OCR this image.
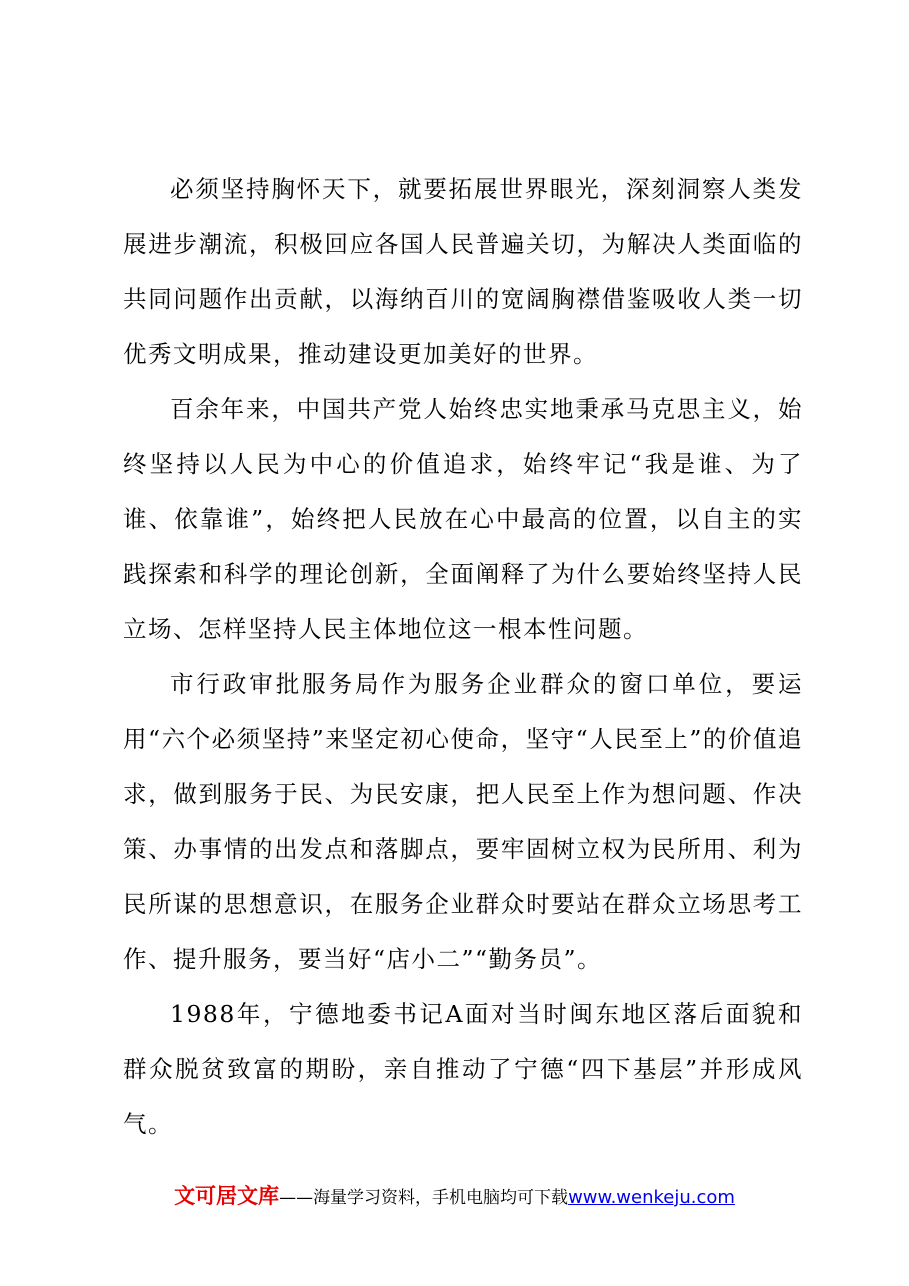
必须坚持胸怀天下，就要拓展世界眼光，深刻洞察人类发展进步潮流，积极回应各国人民普遍关切，为解决人类面临的共同问题作出贡献，以海纳百川的宽阔胸襟借鉴吸收人类一切优秀文明成果，推动建设更加美好的世界。

百余年来，中国共产党人始终忠实地秉承马克思主义，始终坚持以人民为中心的价值追求，始终牢记“我是谁、为了谁、依靠谁”，始终把人民放在心中最高的位置，以自主的实践探索和科学的理论创新，全面阐释了为什么要始终坚持人民立场、怎样坚持人民主体地位这一根本性问题。

市行政审批服务局作为服务企业群众的窗口单位，要运用“六个必须坚持”来坚定初心使命，坚守“人民至上”的价值追求，做到服务于民、为民安康，把人民至上作为想问题、作决策、办事情的出发点和落脚点，要牢固树立权为民所用、利为民所谋的思想意识，在服务企业群众时要站在群众立场思考工作、提升服务，要当好“店小二”“勤务员”。

1988年，宁德地委书记A面对当时闽东地区落后面貌和群众脱贫致富的期盼，亲自推动了宁德“四下基层”并形成风气。

文可居文库——海量学习资料，手机电脑均可下载www.wenkeju.com
